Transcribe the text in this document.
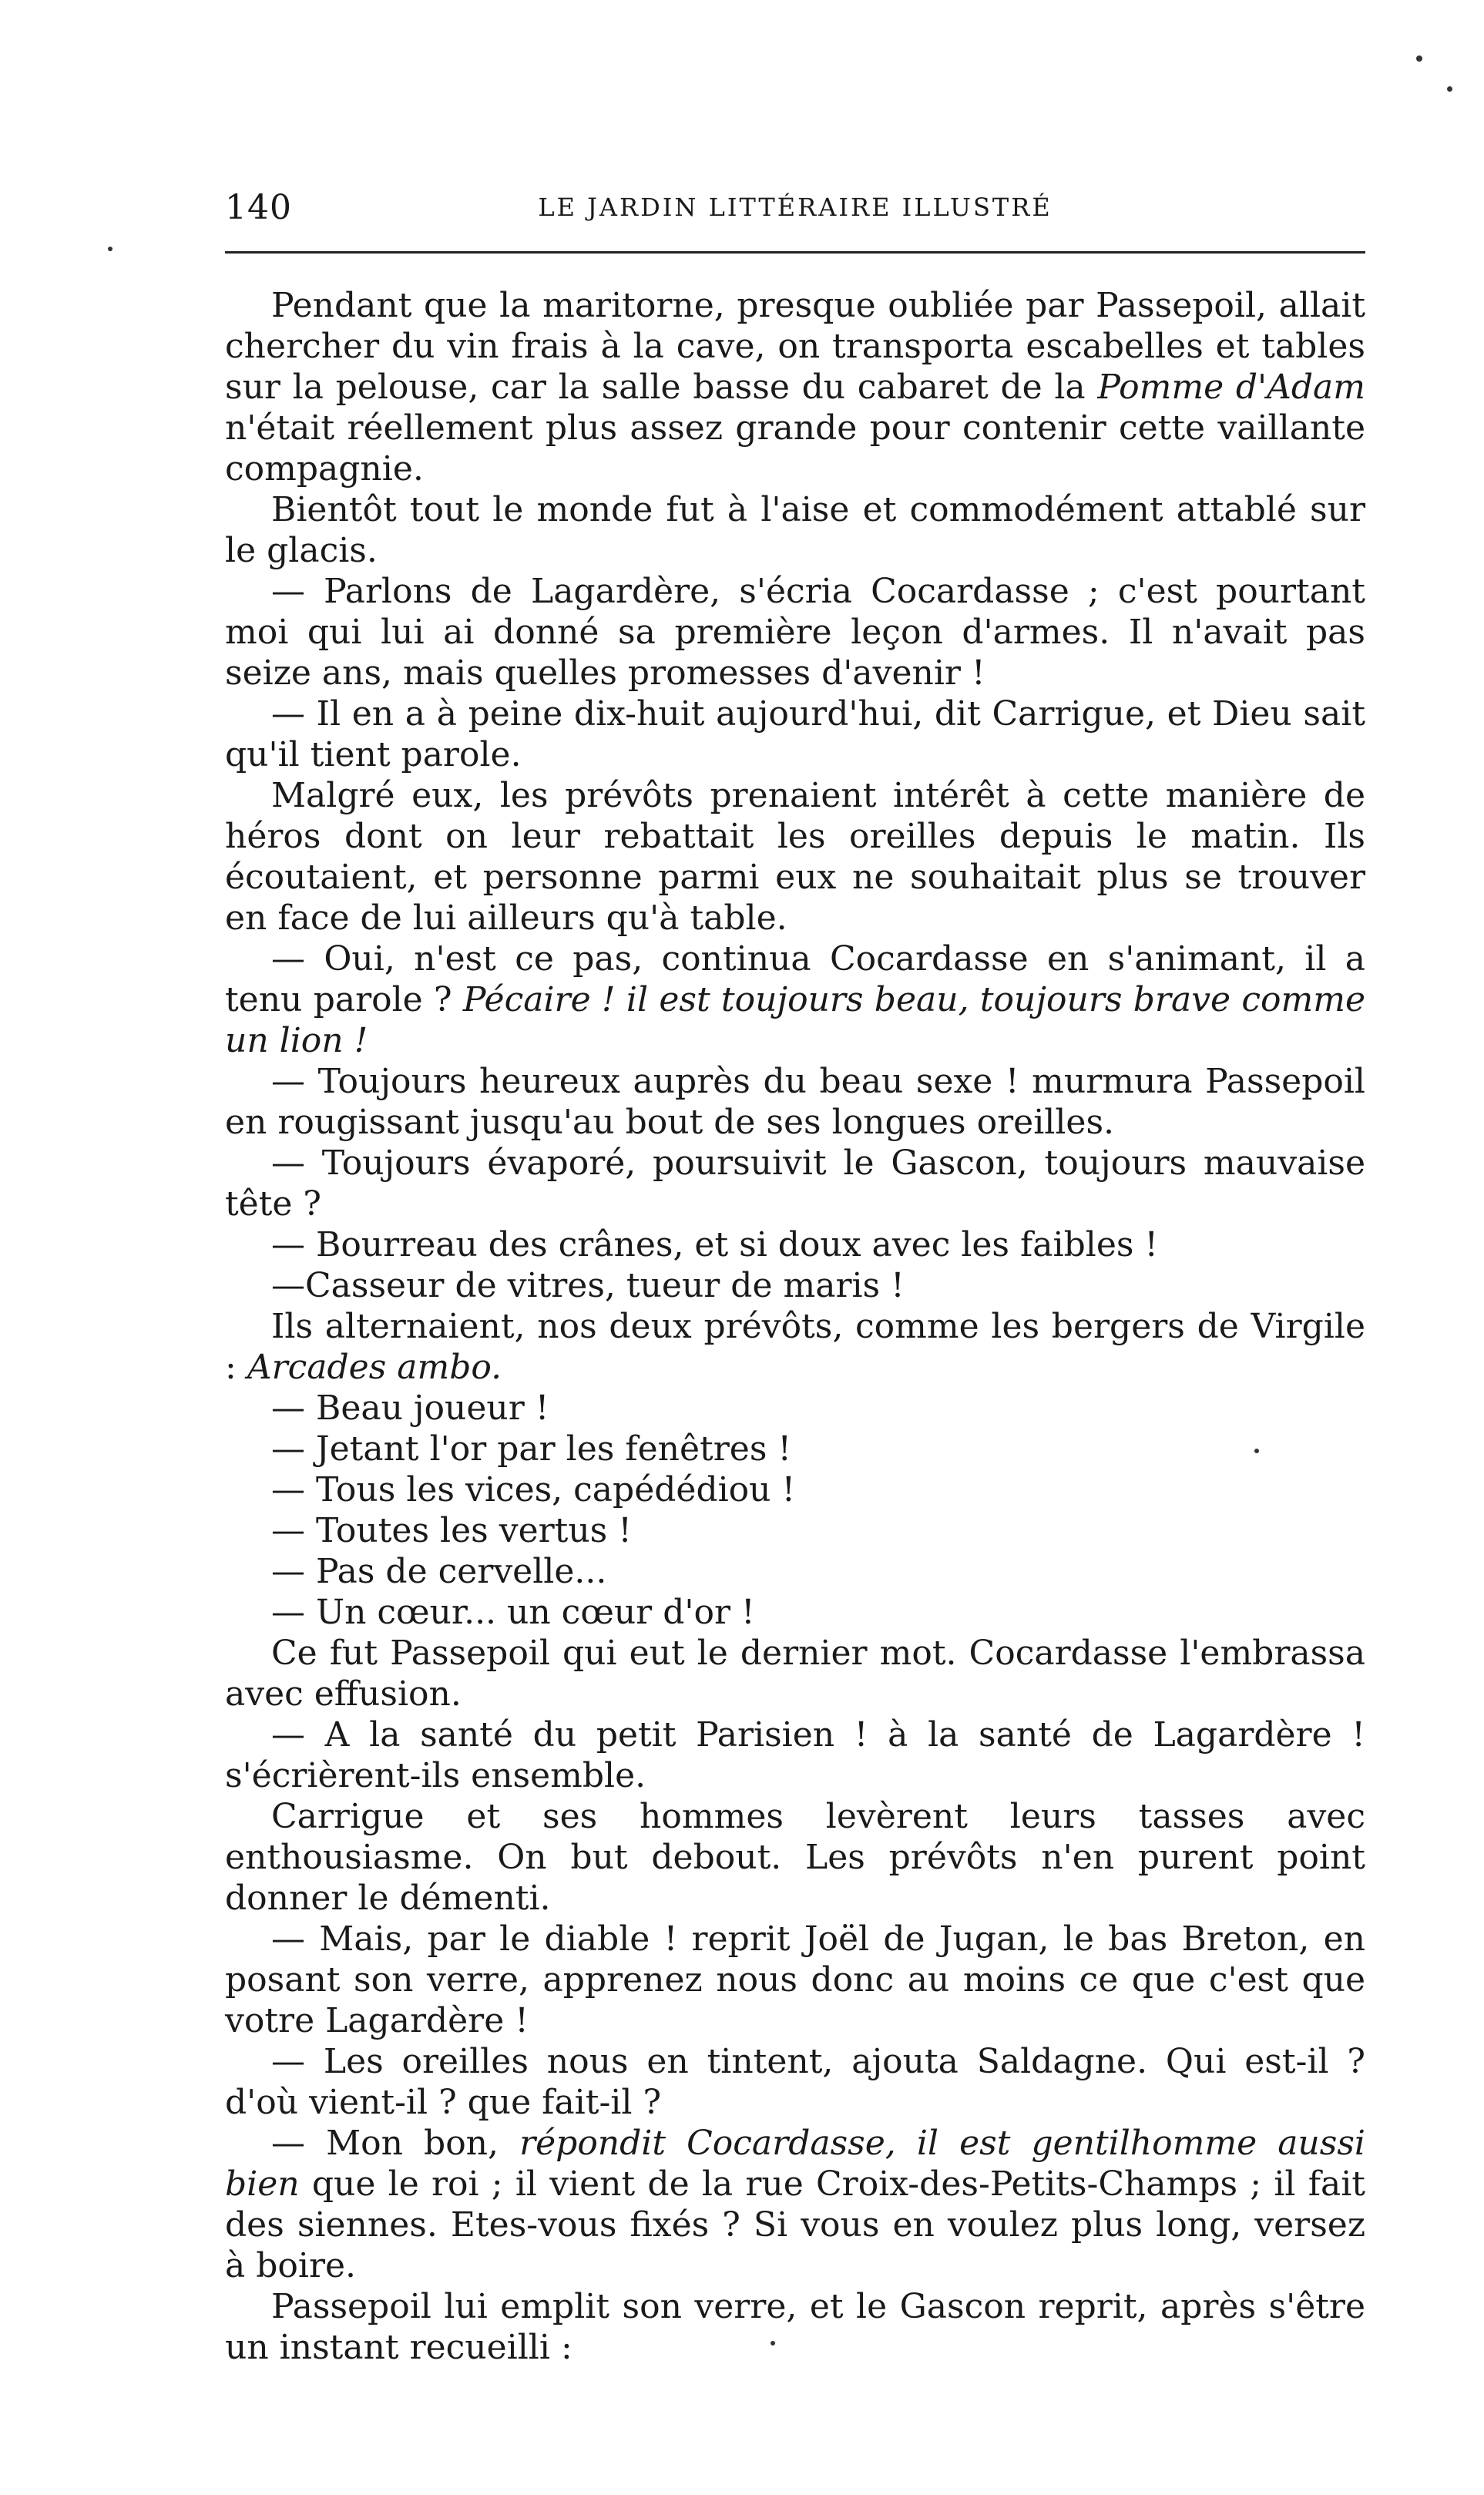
140	LE JARDIN LITTÉRAIRE ILLUSTRÉ

Pendant que la maritorne, presque oubliée par Passepoil, allait chercher du vin frais à la cave, on transporta escabelles et tables sur la pelouse, car la salle basse du cabaret de la Pomme d'Adam n'était réellement plus assez grande pour contenir cette vaillante compagnie.

Bientôt tout le monde fut à l'aise et commodément attablé sur le glacis.

— Parlons de Lagardère, s'écria Cocardasse ; c'est pourtant moi qui lui ai donné sa première leçon d'armes. Il n'avait pas seize ans, mais quelles promesses d'avenir !

— Il en a à peine dix-huit aujourd'hui, dit Carrigue, et Dieu sait qu'il tient parole.

Malgré eux, les prévôts prenaient intérêt à cette manière de héros dont on leur rebattait les oreilles depuis le matin. Ils écoutaient, et personne parmi eux ne souhaitait plus se trouver en face de lui ailleurs qu'à table.

— Oui, n'est ce pas, continua Cocardasse en s'animant, il a tenu parole ? Pécaire ! il est toujours beau, toujours brave comme un lion !

— Toujours heureux auprès du beau sexe ! murmura Passepoil en rougissant jusqu'au bout de ses longues oreilles.

— Toujours évaporé, poursuivit le Gascon, toujours mauvaise tête ?

— Bourreau des crânes, et si doux avec les faibles !

—Casseur de vitres, tueur de maris !

Ils alternaient, nos deux prévôts, comme les bergers de Virgile : Arcades ambo.

— Beau joueur !

— Jetant l'or par les fenêtres !

— Tous les vices, capédédiou !

— Toutes les vertus !

— Pas de cervelle...

— Un cœur... un cœur d'or !

Ce fut Passepoil qui eut le dernier mot. Cocardasse l'embrassa avec effusion.

— A la santé du petit Parisien ! à la santé de Lagardère ! s'écrièrent-ils ensemble.

Carrigue et ses hommes levèrent leurs tasses avec enthousiasme. On but debout. Les prévôts n'en purent point donner le démenti.

— Mais, par le diable ! reprit Joël de Jugan, le bas Breton, en posant son verre, apprenez nous donc au moins ce que c'est que votre Lagardère !

— Les oreilles nous en tintent, ajouta Saldagne. Qui est-il ? d'où vient-il ? que fait-il ?

— Mon bon, répondit Cocardasse, il est gentilhomme aussi bien que le roi ; il vient de la rue Croix-des-Petits-Champs ; il fait des siennes. Etes-vous fixés ? Si vous en voulez plus long, versez à boire.

Passepoil lui emplit son verre, et le Gascon reprit, après s'être un instant recueilli :
